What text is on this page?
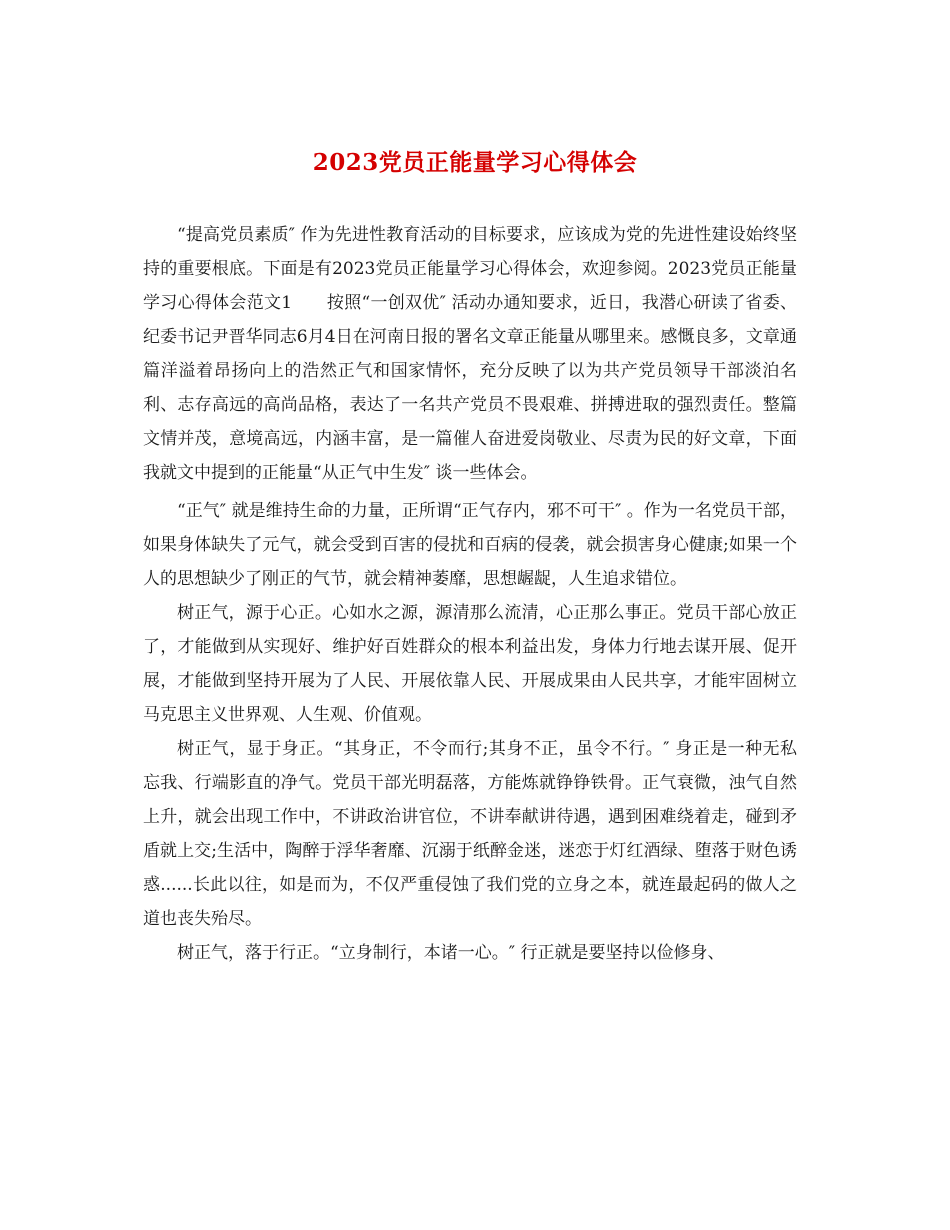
2023党员正能量学习心得体会

“提高党员素质″ 作为先进性教育活动的目标要求，应该成为党的先进性建设始终坚持的重要根底。下面是有2023党员正能量学习心得体会，欢迎参阅。2023党员正能量学习心得体会范文1　　按照“一创双优″ 活动办通知要求，近日，我潜心研读了省委、纪委书记尹晋华同志6月4日在河南日报的署名文章正能量从哪里来。感慨良多，文章通篇洋溢着昂扬向上的浩然正气和国家情怀，充分反映了以为共产党员领导干部淡泊名利、志存高远的高尚品格，表达了一名共产党员不畏艰难、拼搏进取的强烈责任。整篇文情并茂，意境高远，内涵丰富，是一篇催人奋进爱岗敬业、尽责为民的好文章，下面我就文中提到的正能量“从正气中生发″ 谈一些体会。

“正气″ 就是维持生命的力量，正所谓“正气存内，邪不可干″ 。作为一名党员干部，如果身体缺失了元气，就会受到百害的侵扰和百病的侵袭，就会损害身心健康;如果一个人的思想缺少了刚正的气节，就会精神萎靡，思想龌龊，人生追求错位。

树正气，源于心正。心如水之源，源清那么流清，心正那么事正。党员干部心放正了，才能做到从实现好、维护好百姓群众的根本利益出发，身体力行地去谋开展、促开展，才能做到坚持开展为了人民、开展依靠人民、开展成果由人民共享，才能牢固树立马克思主义世界观、人生观、价值观。

树正气，显于身正。“其身正，不令而行;其身不正，虽令不行。″ 身正是一种无私忘我、行端影直的净气。党员干部光明磊落，方能炼就铮铮铁骨。正气衰微，浊气自然上升，就会出现工作中，不讲政治讲官位，不讲奉献讲待遇，遇到困难绕着走，碰到矛盾就上交;生活中，陶醉于浮华奢靡、沉溺于纸醉金迷，迷恋于灯红酒绿、堕落于财色诱惑......长此以往，如是而为，不仅严重侵蚀了我们党的立身之本，就连最起码的做人之道也丧失殆尽。

树正气，落于行正。“立身制行，本诸一心。″ 行正就是要坚持以俭修身、
